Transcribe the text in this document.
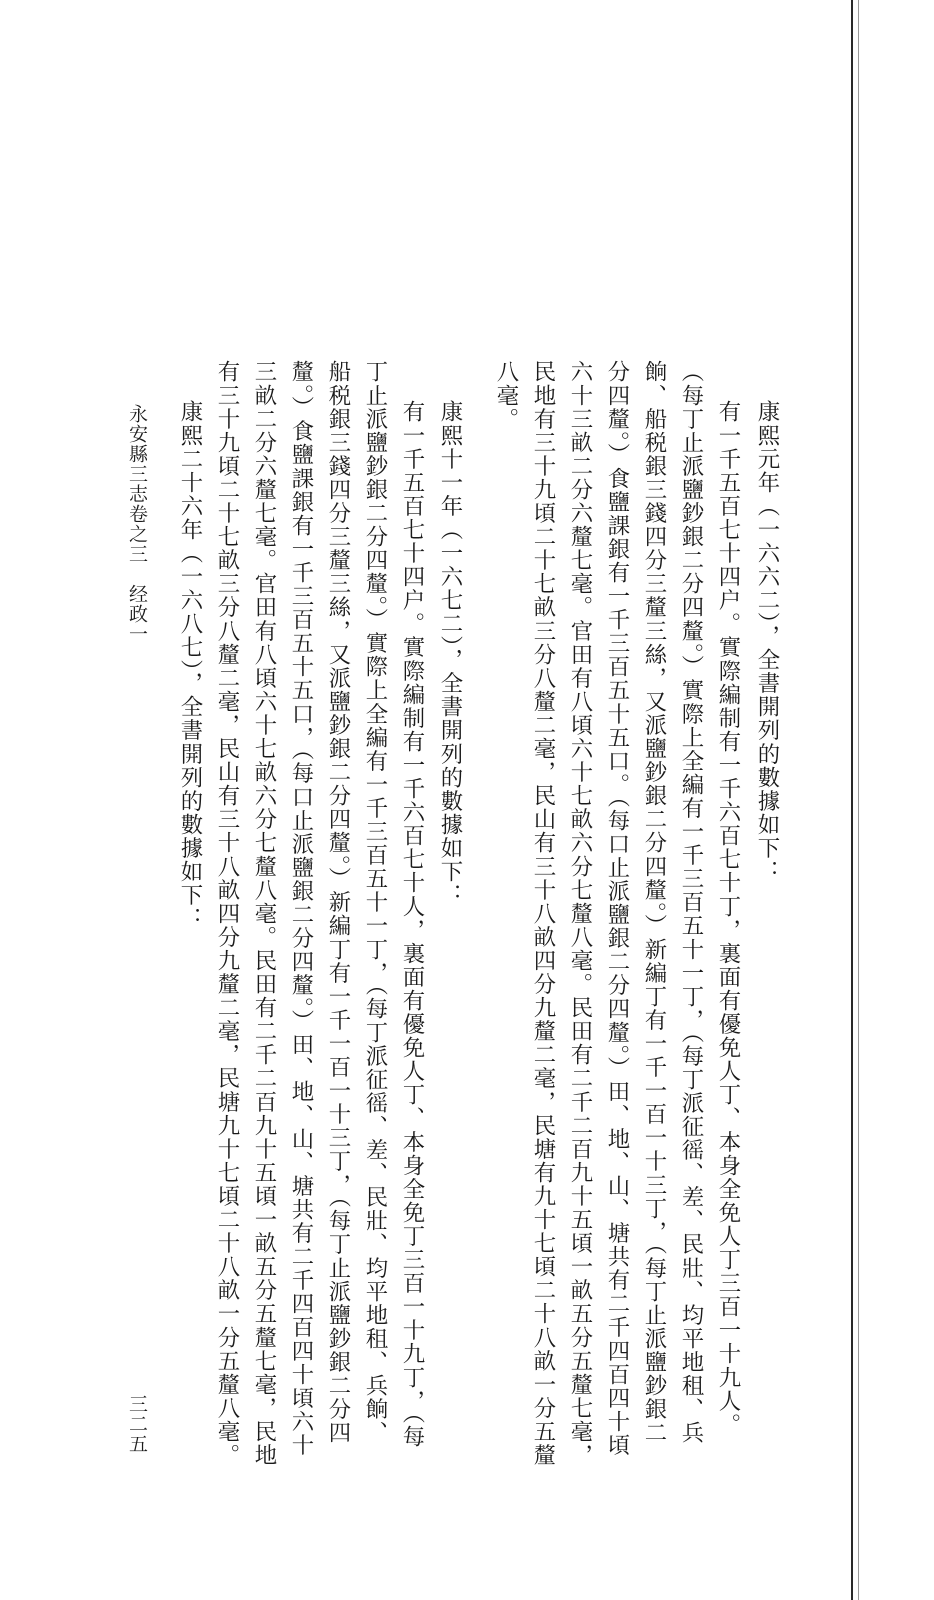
康熙元年（一六六二），全書開列的數據如下：
有一千五百七十四户。實際編制有一千六百七十丁，裏面有優免人丁、本身全免人丁三百一十九人。
（每丁止派鹽鈔銀二分四釐。）實際上全編有一千三百五十一丁，（每丁派征徭、差、民壯、均平地租、兵
餉、船税銀三錢四分三釐三絲，又派鹽鈔銀二分四釐。）新編丁有一千一百一十三丁，（每丁止派鹽鈔銀二
分四釐。）食鹽課銀有一千三百五十五口。（每口止派鹽銀二分四釐。）田、地、山、塘共有二千四百四十頃
六十三畝二分六釐七毫。官田有八頃六十七畝六分七釐八毫。民田有二千二百九十五頃一畝五分五釐七毫，
民地有三十九頃二十七畝三分八釐二毫，民山有三十八畝四分九釐二毫，民塘有九十七頃二十八畝一分五釐
八毫。
康熙十一年（一六七二），全書開列的數據如下：
有一千五百七十四户。實際編制有一千六百七十人，裏面有優免人丁、本身全免丁三百一十九丁，（每
丁止派鹽鈔銀二分四釐。）實際上全編有一千三百五十一丁，（每丁派征徭、差、民壯、均平地租、兵餉、
船税銀三錢四分三釐三絲，又派鹽鈔銀二分四釐。）新編丁有一千一百一十三丁，（每丁止派鹽鈔銀二分四
釐。）食鹽課銀有一千三百五十五口，（每口止派鹽銀二分四釐。）田、地、山、塘共有二千四百四十頃六十
三畝二分六釐七毫。官田有八頃六十七畝六分七釐八毫。民田有二千二百九十五頃一畝五分五釐七毫，民地
有三十九頃二十七畝三分八釐二毫，民山有三十八畝四分九釐二毫，民塘九十七頃二十八畝一分五釐八毫。
康熙二十六年（一六八七），全書開列的數據如下：
永安縣三志卷之三　经政一
三二五
